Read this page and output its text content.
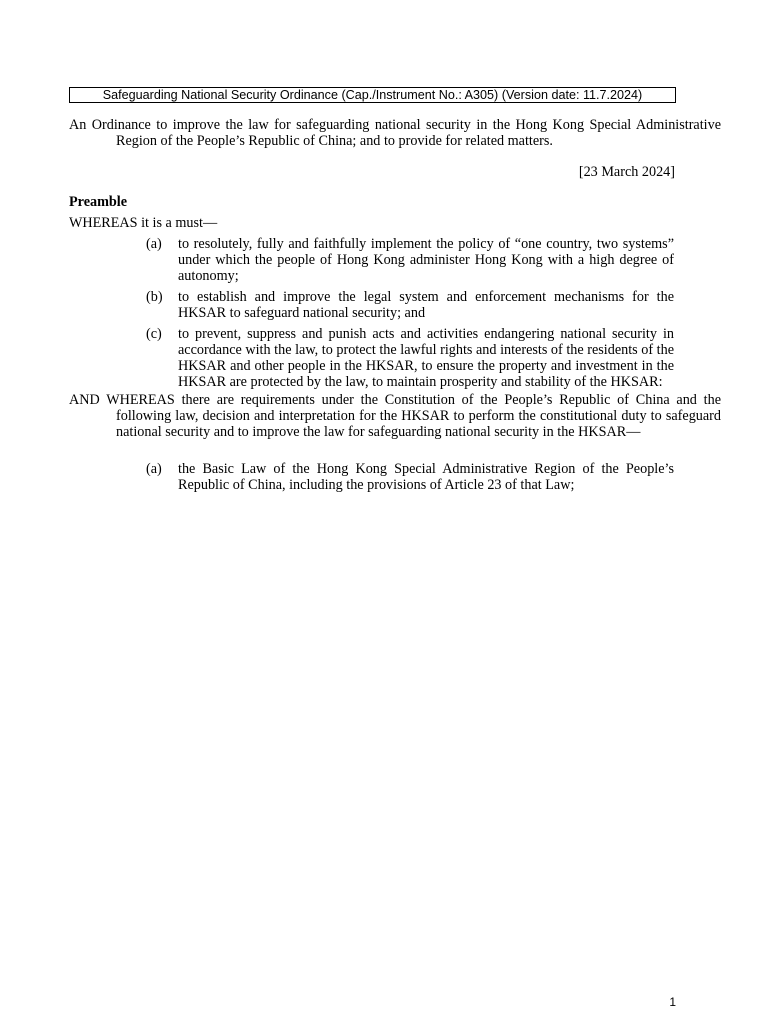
Safeguarding National Security Ordinance (Cap./Instrument No.: A305) (Version date: 11.7.2024)
An Ordinance to improve the law for safeguarding national security in the Hong Kong Special Administrative Region of the People’s Republic of China; and to provide for related matters.
[23 March 2024]
Preamble
WHEREAS it is a must—
(a) to resolutely, fully and faithfully implement the policy of “one country, two systems” under which the people of Hong Kong administer Hong Kong with a high degree of autonomy;
(b) to establish and improve the legal system and enforcement mechanisms for the HKSAR to safeguard national security; and
(c) to prevent, suppress and punish acts and activities endangering national security in accordance with the law, to protect the lawful rights and interests of the residents of the HKSAR and other people in the HKSAR, to ensure the property and investment in the HKSAR are protected by the law, to maintain prosperity and stability of the HKSAR:
AND WHEREAS there are requirements under the Constitution of the People’s Republic of China and the following law, decision and interpretation for the HKSAR to perform the constitutional duty to safeguard national security and to improve the law for safeguarding national security in the HKSAR—
(a) the Basic Law of the Hong Kong Special Administrative Region of the People’s Republic of China, including the provisions of Article 23 of that Law;
1
